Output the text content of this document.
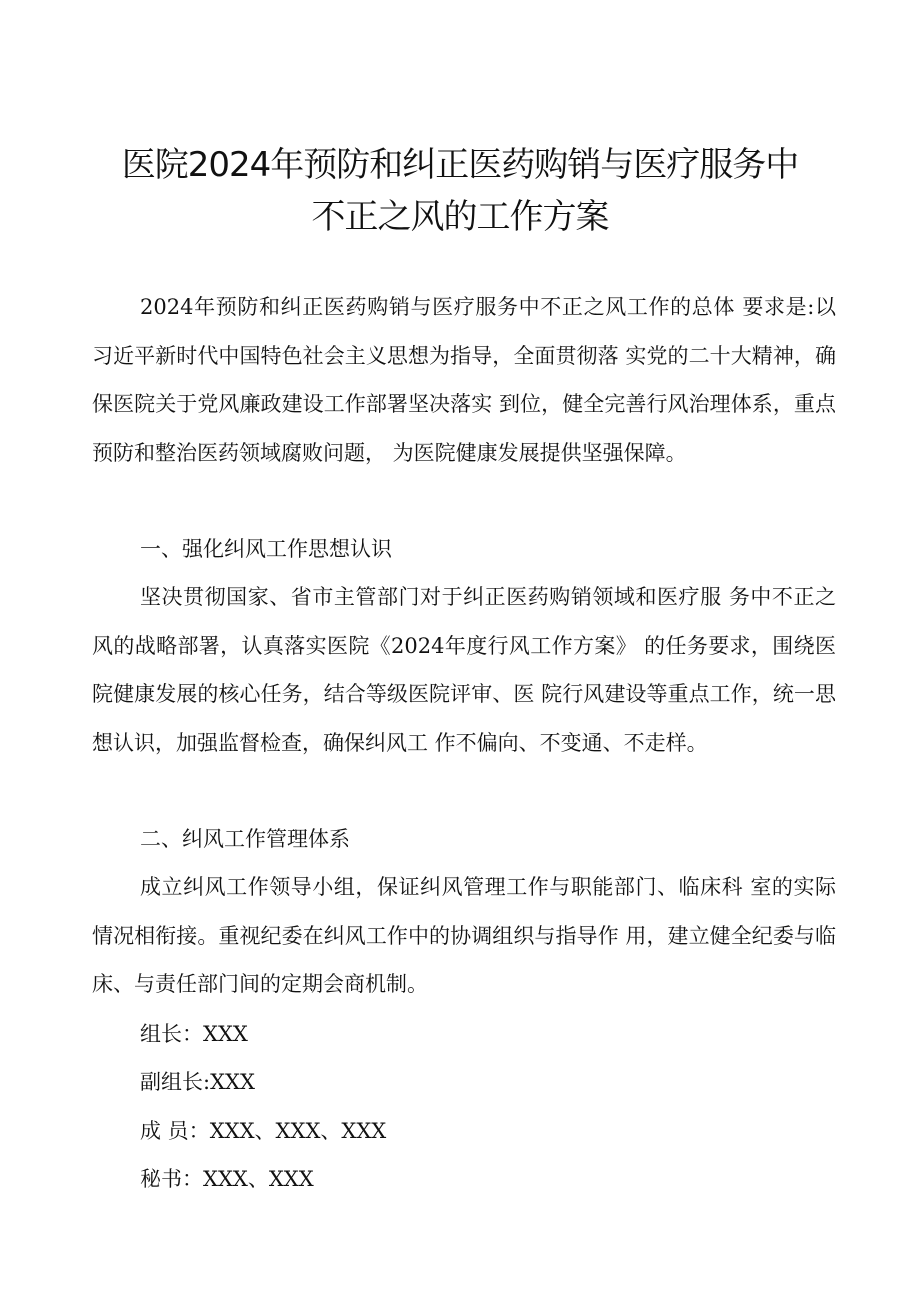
医院2024年预防和纠正医药购销与医疗服务中
不正之风的工作方案

2024年预防和纠正医药购销与医疗服务中不正之风工作的总体 要求是:以习近平新时代中国特色社会主义思想为指导，全面贯彻落 实党的二十大精神，确保医院关于党风廉政建设工作部署坚决落实 到位，健全完善行风治理体系，重点预防和整治医药领域腐败问题， 为医院健康发展提供坚强保障。

一、强化纠风工作思想认识

坚决贯彻国家、省市主管部门对于纠正医药购销领域和医疗服 务中不正之风的战略部署，认真落实医院《2024年度行风工作方案》 的任务要求，围绕医院健康发展的核心任务，结合等级医院评审、医 院行风建设等重点工作，统一思想认识，加强监督检查，确保纠风工 作不偏向、不变通、不走样。

二、纠风工作管理体系

成立纠风工作领导小组，保证纠风管理工作与职能部门、临床科 室的实际情况相衔接。重视纪委在纠风工作中的协调组织与指导作 用，建立健全纪委与临床、与责任部门间的定期会商机制。

组长：XXX
副组长:XXX
成 员：XXX、XXX、XXX
秘书：XXX、XXX
